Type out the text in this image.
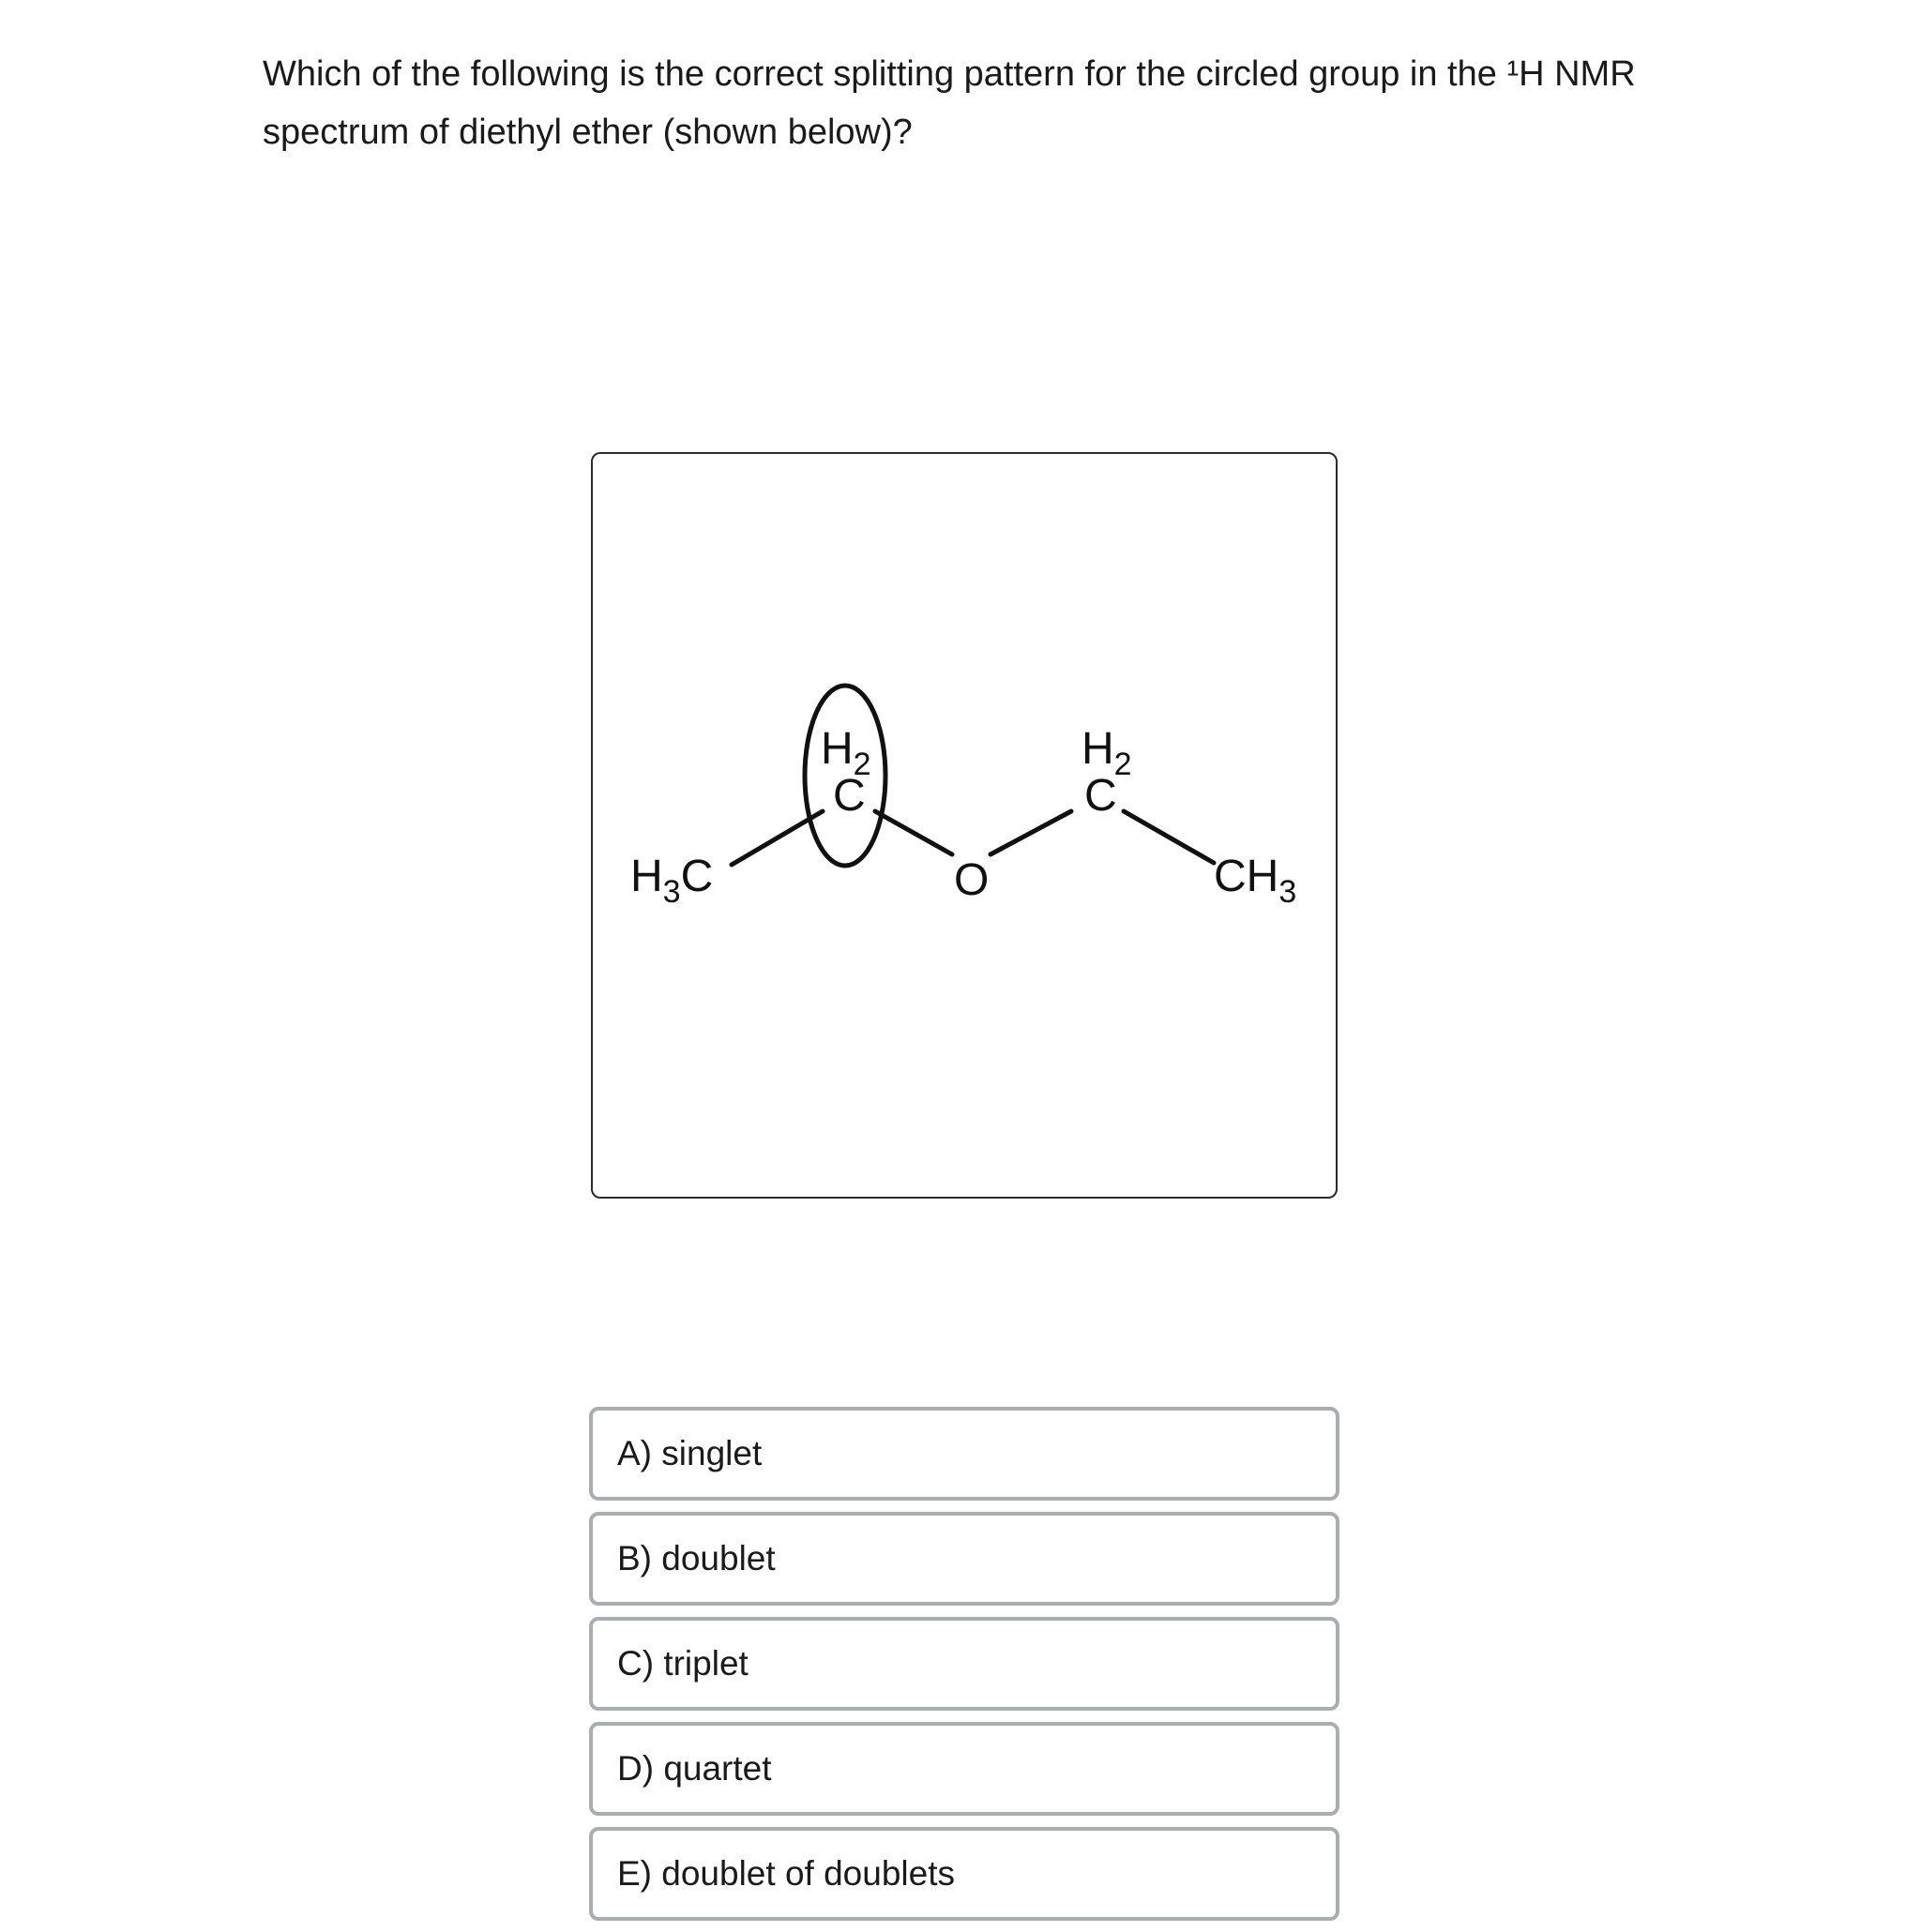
Which of the following is the correct splitting pattern for the circled group in the ¹H NMR spectrum of diethyl ether (shown below)?

$H_3C$
$H_2$
C
O
$H_2$
C
$CH_3$
A) singlet
B) doublet
C) triplet
D) quartet
E) doublet of doublets
